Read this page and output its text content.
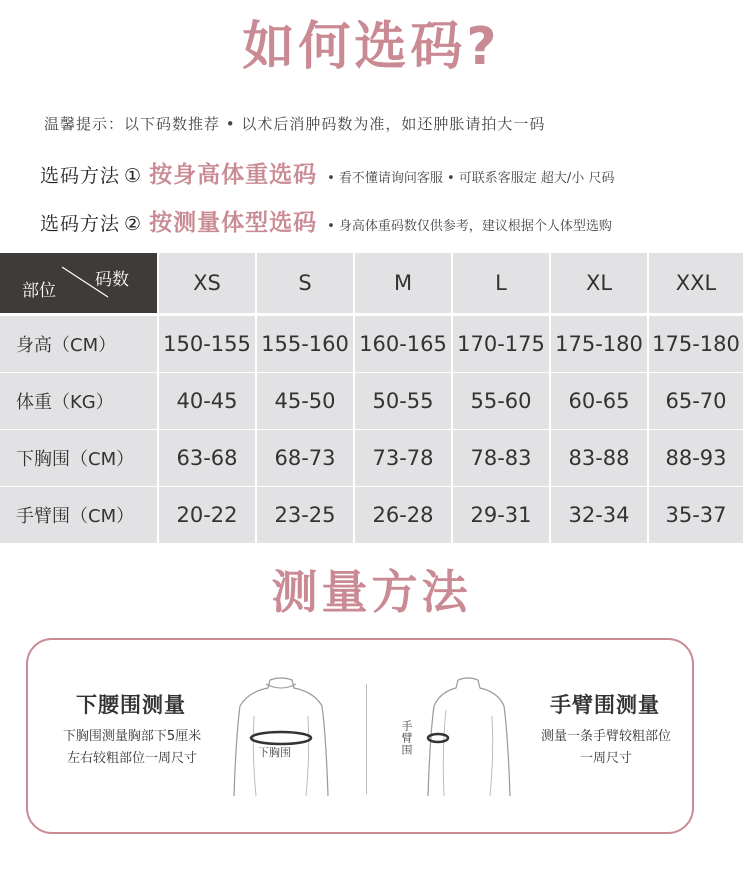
如何选码?
温馨提示：以下码数推荐 • 以术后消肿码数为准，如还肿胀请拍大一码
选码方法 ① 按身高体重选码 • 看不懂请询问客服 • 可联系客服定 超大/小 尺码
选码方法 ② 按测量体型选码 • 身高体重码数仅供参考，建议根据个人体型选购
部位
码数	XS	S	M	L	XL	XXL
身高（CM）	150-155 155-160 160-165 170-175 175-180 175-180
体重（KG）	40-45	45-50	50-55	55-60	60-65	65-70
下胸围（CM）	63-68	68-73	73-78	78-83	83-88	88-93
手臂围（CM）	20-22	23-25	26-28	29-31	32-34	35-37
测量方法
下腰围测量
下胸围测量胸部下5厘米
左右较粗部位一周尺寸	下胸围	手臂围
手臂围测量
测量一条手臂较粗部位
一周尺寸
